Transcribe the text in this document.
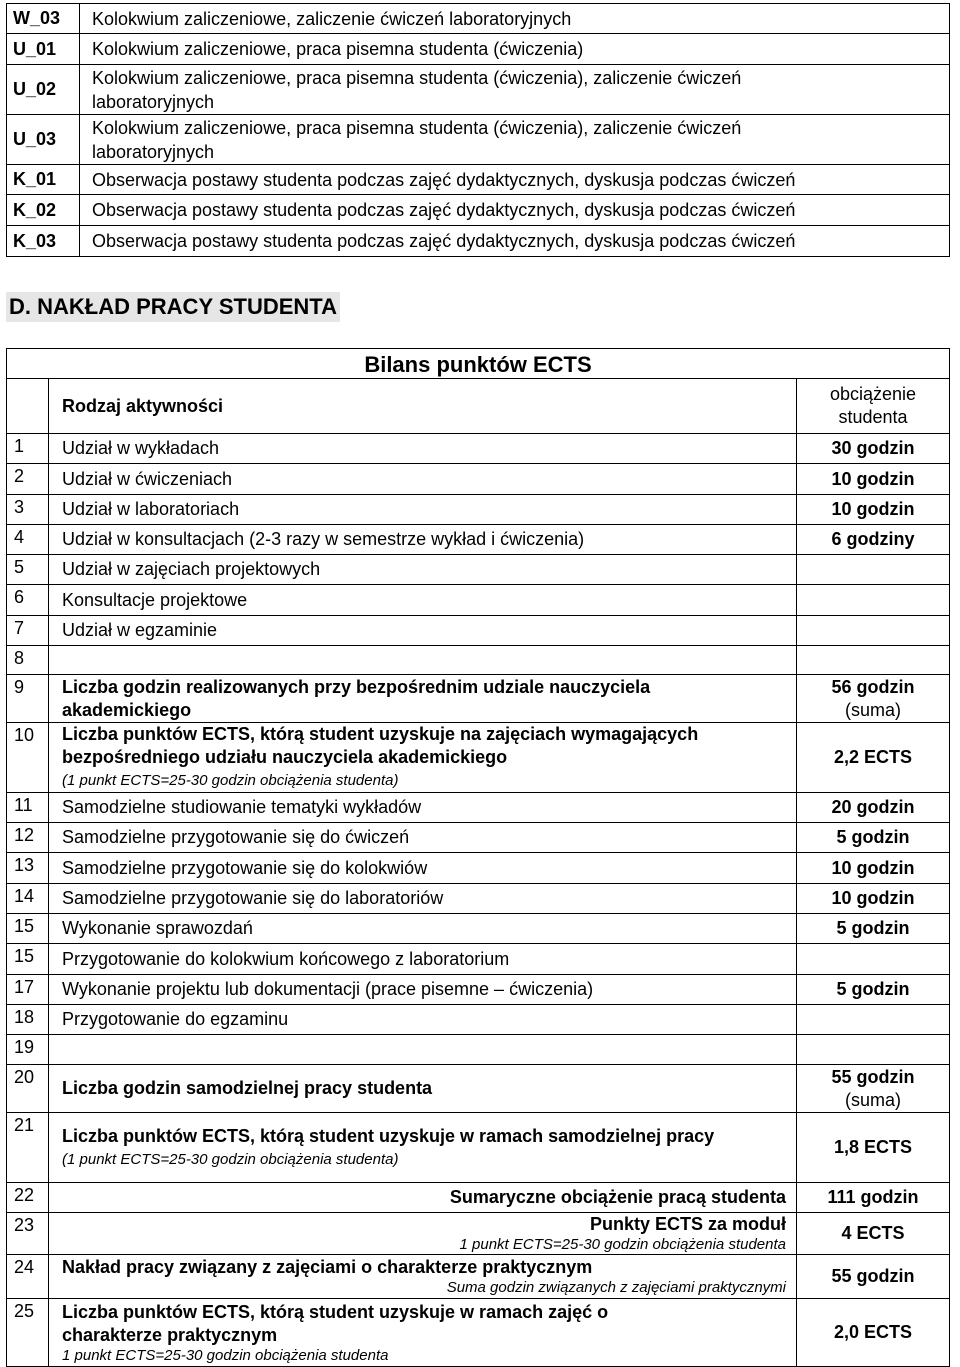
W_03	Kolokwium zaliczeniowe, zaliczenie ćwiczeń laboratoryjnych
U_01	Kolokwium zaliczeniowe, praca pisemna studenta (ćwiczenia)
U_02	Kolokwium zaliczeniowe, praca pisemna studenta (ćwiczenia), zaliczenie ćwiczeń laboratoryjnych
U_03	Kolokwium zaliczeniowe, praca pisemna studenta (ćwiczenia), zaliczenie ćwiczeń laboratoryjnych
K_01	Obserwacja postawy studenta podczas zajęć dydaktycznych, dyskusja podczas ćwiczeń
K_02	Obserwacja postawy studenta podczas zajęć dydaktycznych, dyskusja podczas ćwiczeń
K_03	Obserwacja postawy studenta podczas zajęć dydaktycznych, dyskusja podczas ćwiczeń
D. NAKŁAD PRACY STUDENTA
Bilans punktów ECTS		
	Rodzaj aktywności	obciążenie studenta
1	Udział w wykładach	30 godzin
2	Udział w ćwiczeniach	10 godzin
3	Udział w laboratoriach	10 godzin
4	Udział w konsultacjach (2-3 razy w semestrze wykład i ćwiczenia)	6 godziny
5	Udział w zajęciach projektowych	
6	Konsultacje projektowe	
7	Udział w egzaminie	
8		
9	Liczba godzin realizowanych przy bezpośrednim udziale nauczyciela akademickiego	56 godzin
(suma)

10	Liczba punktów ECTS, którą student uzyskuje na zajęciach wymagających bezpośredniego udziału nauczyciela akademickiego
(1 punkt ECTS=25-30 godzin obciążenia studenta)	2,2 ECTS
11	Samodzielne studiowanie tematyki wykładów	20 godzin
12	Samodzielne przygotowanie się do ćwiczeń	5 godzin
13	Samodzielne przygotowanie się do kolokwiów	10 godzin
14	Samodzielne przygotowanie się do laboratoriów	10 godzin
15	Wykonanie sprawozdań	5 godzin
15	Przygotowanie do kolokwium końcowego z laboratorium	
17	Wykonanie projektu lub dokumentacji (prace pisemne – ćwiczenia)	5 godzin
18	Przygotowanie do egzaminu	
19		
20	Liczba godzin samodzielnej pracy studenta	55 godzin
(suma)

21	Liczba punktów ECTS, którą student uzyskuje w ramach samodzielnej pracy
(1 punkt ECTS=25-30 godzin obciążenia studenta)	1,8 ECTS
22	Sumaryczne obciążenie pracą studenta	111 godzin
23	Punkty ECTS za moduł
1 punkt ECTS=25-30 godzin obciążenia studenta	4 ECTS
24	Nakład pracy związany z zajęciami o charakterze praktycznym
Suma godzin związanych z zajęciami praktycznymi	55 godzin
25	Liczba punktów ECTS, którą student uzyskuje w ramach zajęć o charakterze praktycznym
1 punkt ECTS=25-30 godzin obciążenia studenta	2,0 ECTS
